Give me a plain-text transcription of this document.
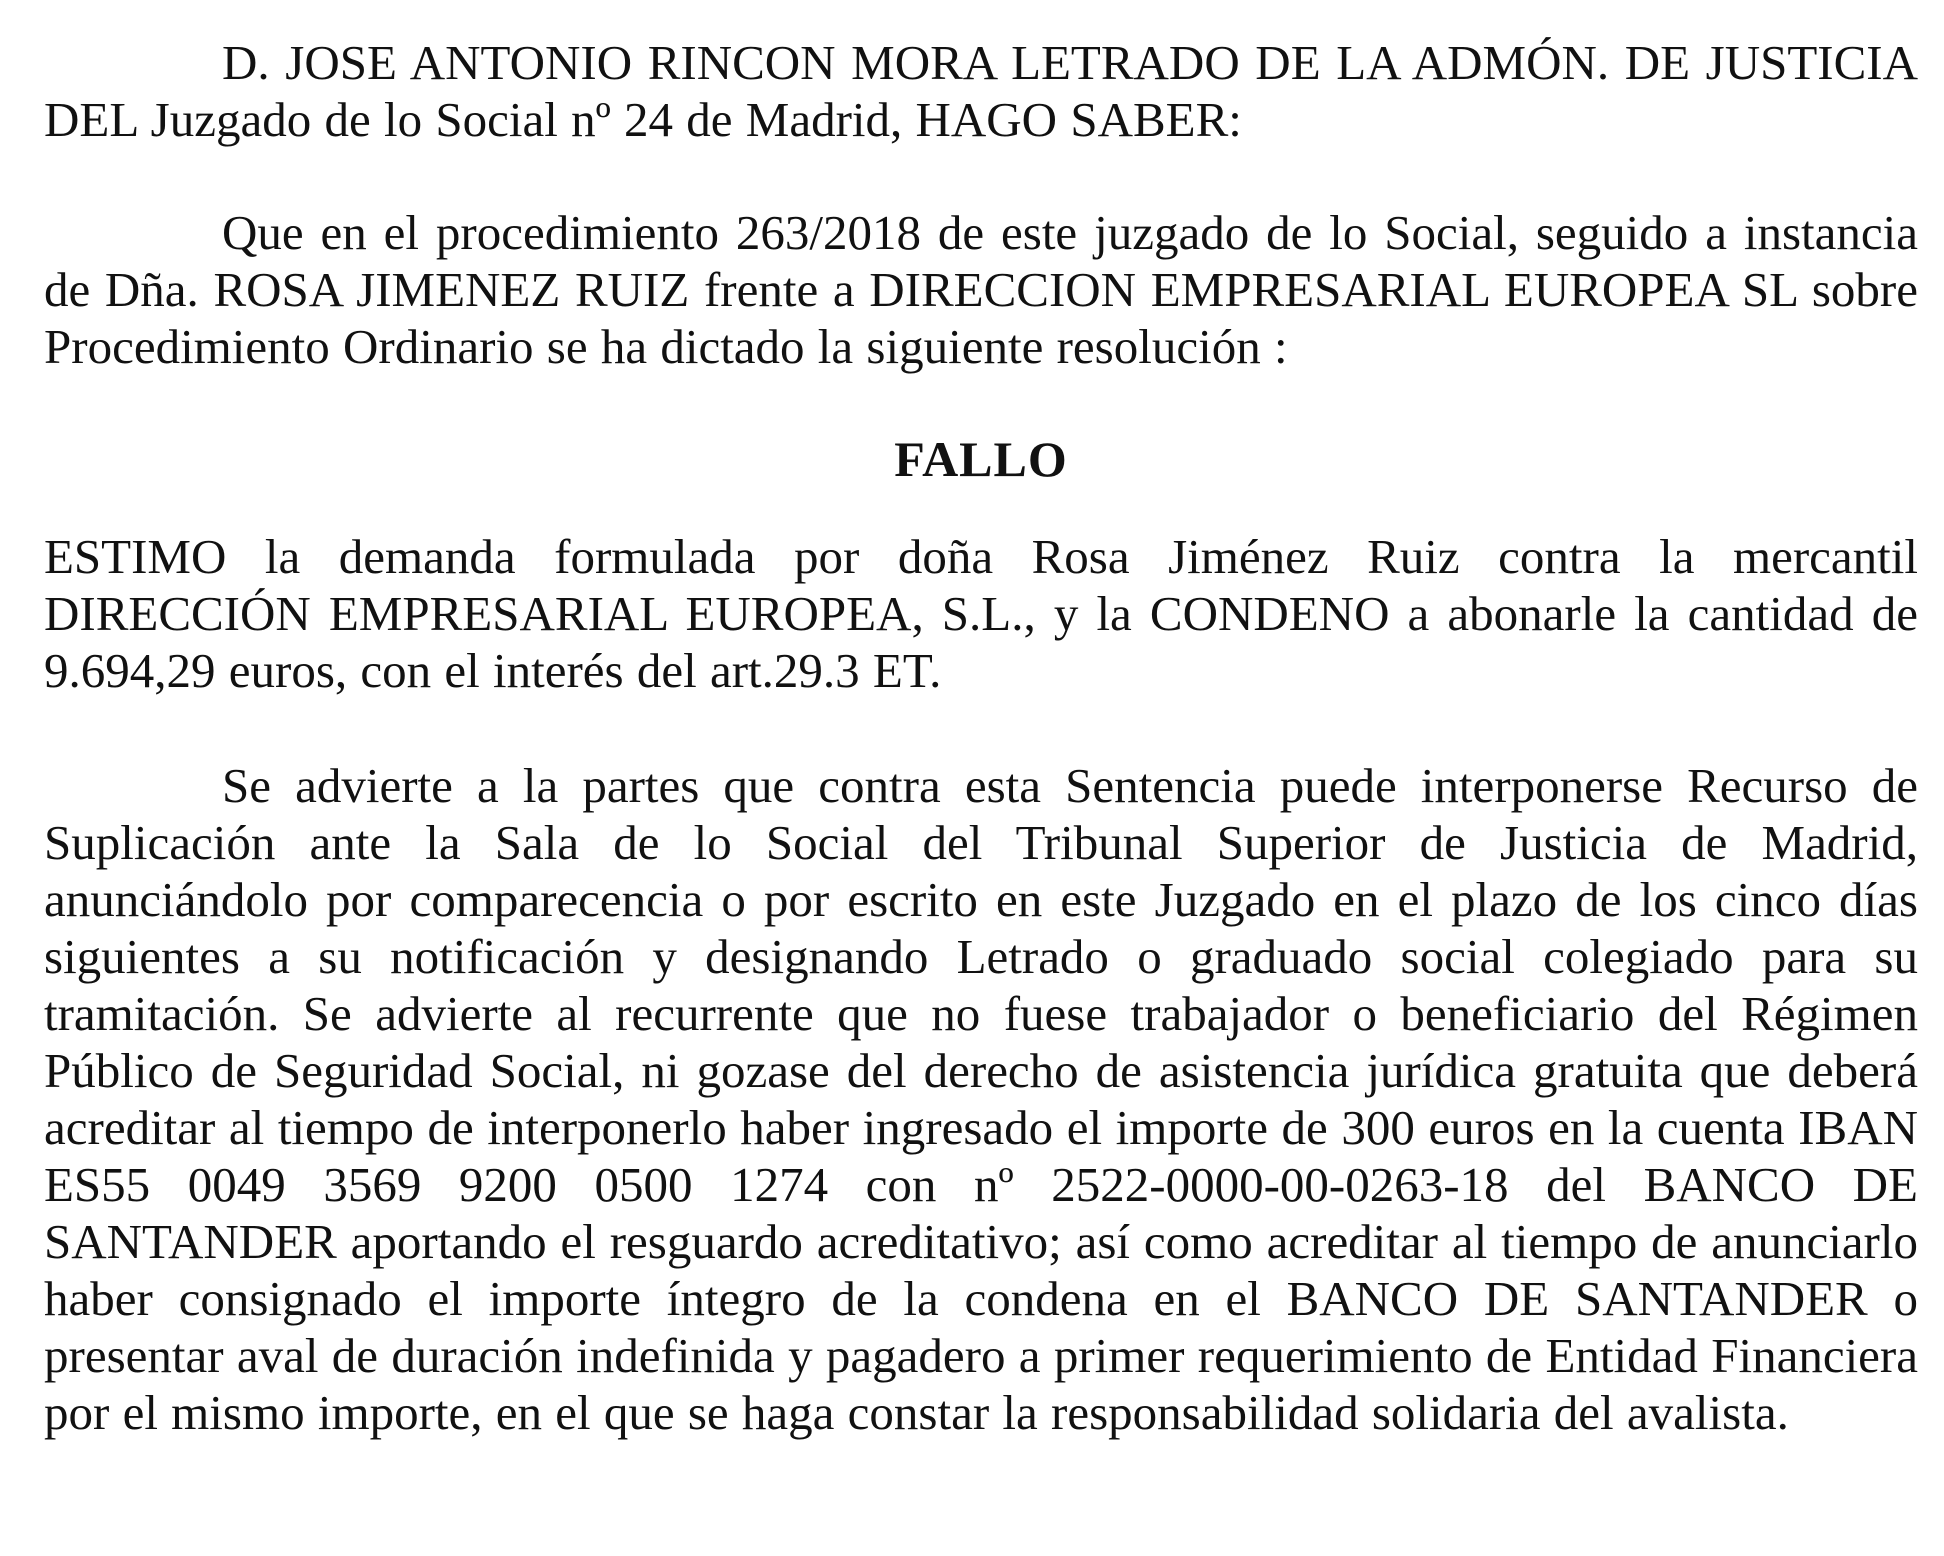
D. JOSE ANTONIO RINCON MORA LETRADO DE LA ADMÓN. DE JUSTICIA DEL Juzgado de lo Social nº 24 de Madrid, HAGO SABER:

Que en el procedimiento 263/2018 de este juzgado de lo Social, seguido a instancia de Dña. ROSA JIMENEZ RUIZ frente a DIRECCION EMPRESARIAL EUROPEA SL sobre Procedimiento Ordinario se ha dictado la siguiente resolución :

FALLO

ESTIMO la demanda formulada por doña Rosa Jiménez Ruiz contra la mercantil DIRECCIÓN EMPRESARIAL EUROPEA, S.L., y la CONDENO a abonarle la cantidad de 9.694,29 euros, con el interés del art.29.3 ET.

Se advierte a la partes que contra esta Sentencia puede interponerse Recurso de Suplicación ante la Sala de lo Social del Tribunal Superior de Justicia de Madrid, anunciándolo por comparecencia o por escrito en este Juzgado en el plazo de los cinco días siguientes a su notificación y designando Letrado o graduado social colegiado para su tramitación. Se advierte al recurrente que no fuese trabajador o beneficiario del Régimen Público de Seguridad Social, ni gozase del derecho de asistencia jurídica gratuita que deberá acreditar al tiempo de interponerlo haber ingresado el importe de 300 euros en la cuenta IBAN ES55 0049 3569 9200 0500 1274 con nº 2522-0000-00-0263-18 del BANCO DE SANTANDER aportando el resguardo acreditativo; así como acreditar al tiempo de anunciarlo haber consignado el importe íntegro de la condena en el BANCO DE SANTANDER o presentar aval de duración indefinida y pagadero a primer requerimiento de Entidad Financiera por el mismo importe, en el que se haga constar la responsabilidad solidaria del avalista.
